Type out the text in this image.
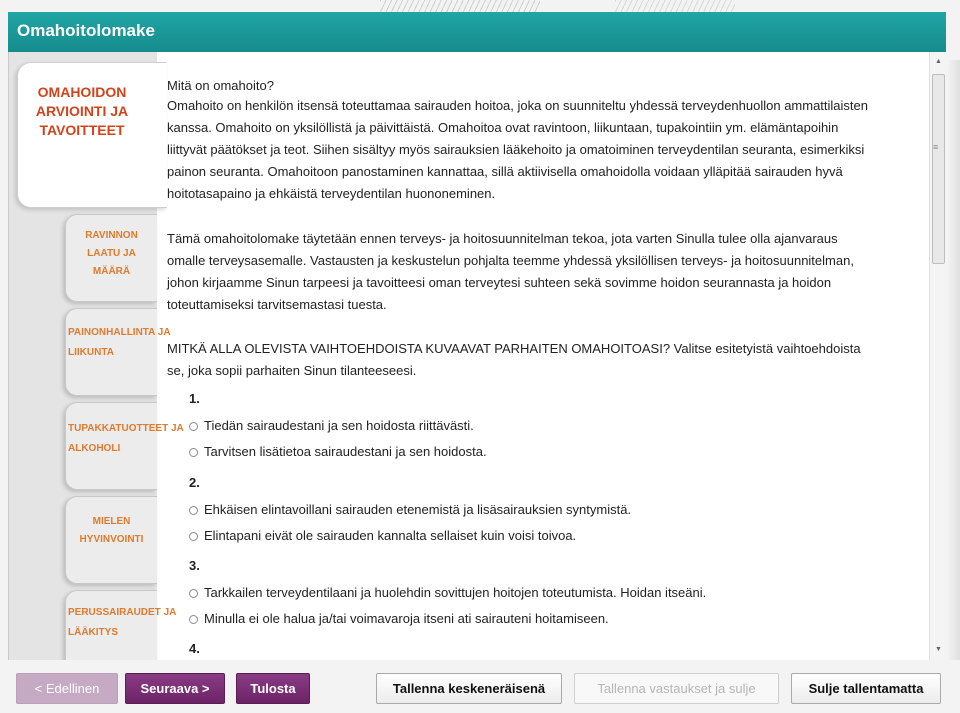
Omahoitolomake
RAVINNON LAATU JA MÄÄRÄ
PAINONHALLINTA JA LIIKUNTA
TUPAKKATUOTTEET JA ALKOHOLI
MIELEN HYVINVOINTI
PERUSSAIRAUDET JA LÄÄKITYS
OMAHOIDON ARVIOINTI JA TAVOITTEET
Mitä on omahoito?
Omahoito on henkilön itsensä toteuttamaa sairauden hoitoa, joka on suunniteltu yhdessä terveydenhuollon ammattilaisten
kanssa. Omahoito on yksilöllistä ja päivittäistä. Omahoitoa ovat ravintoon, liikuntaan, tupakointiin ym. elämäntapoihin
liittyvät päätökset ja teot. Siihen sisältyy myös sairauksien lääkehoito ja omatoiminen terveydentilan seuranta, esimerkiksi
painon seuranta. Omahoitoon panostaminen kannattaa, sillä aktiivisella omahoidolla voidaan ylläpitää sairauden hyvä
hoitotasapaino ja ehkäistä terveydentilan huononeminen.
Tämä omahoitolomake täytetään ennen terveys- ja hoitosuunnitelman tekoa, jota varten Sinulla tulee olla ajanvaraus
omalle terveysasemalle. Vastausten ja keskustelun pohjalta teemme yhdessä yksilöllisen terveys- ja hoitosuunnitelman,
johon kirjaamme Sinun tarpeesi ja tavoitteesi oman terveytesi suhteen sekä sovimme hoidon seurannasta ja hoidon
toteuttamiseksi tarvitsemastasi tuesta.
MITKÄ ALLA OLEVISTA VAIHTOEHDOISTA KUVAAVAT PARHAITEN OMAHOITOASI? Valitse esitetyistä vaihtoehdoista
se, joka sopii parhaiten Sinun tilanteeseesi.
1.
Tiedän sairaudestani ja sen hoidosta riittävästi.
Tarvitsen lisätietoa sairaudestani ja sen hoidosta.
2.
Ehkäisen elintavoillani sairauden etenemistä ja lisäsairauksien syntymistä.
Elintapani eivät ole sairauden kannalta sellaiset kuin voisi toivoa.
3.
Tarkkailen terveydentilaani ja huolehdin sovittujen hoitojen toteutumista. Hoidan itseäni.
Minulla ei ole halua ja/tai voimavaroja itseni ati sairauteni hoitamiseen.
4.
▲
≡
▼
< Edellinen	Seuraava >	Tulosta	Tallenna keskeneräisenä	Tallenna vastaukset ja sulje	Sulje tallentamatta
